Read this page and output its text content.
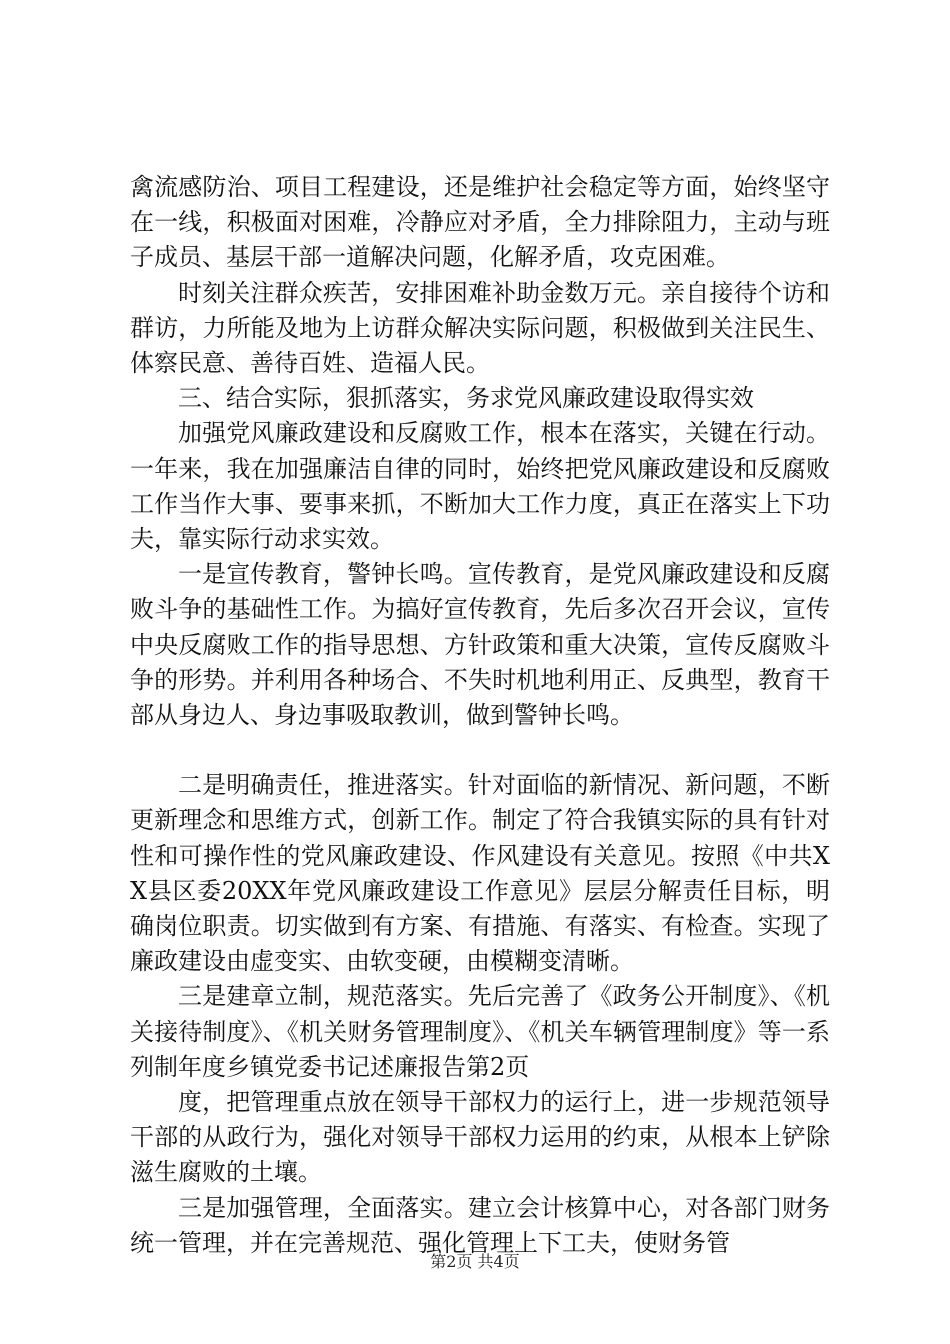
禽流感防治、项目工程建设，还是维护社会稳定等方面，始终坚守在一线，积极面对困难，冷静应对矛盾，全力排除阻力，主动与班子成员、基层干部一道解决问题，化解矛盾，攻克困难。

时刻关注群众疾苦，安排困难补助金数万元。亲自接待个访和群访，力所能及地为上访群众解决实际问题，积极做到关注民生、体察民意、善待百姓、造福人民。

三、结合实际，狠抓落实，务求党风廉政建设取得实效

加强党风廉政建设和反腐败工作，根本在落实，关键在行动。一年来，我在加强廉洁自律的同时，始终把党风廉政建设和反腐败工作当作大事、要事来抓，不断加大工作力度，真正在落实上下功夫，靠实际行动求实效。

一是宣传教育，警钟长鸣。宣传教育，是党风廉政建设和反腐败斗争的基础性工作。为搞好宣传教育，先后多次召开会议，宣传中央反腐败工作的指导思想、方针政策和重大决策，宣传反腐败斗争的形势。并利用各种场合、不失时机地利用正、反典型，教育干部从身边人、身边事吸取教训，做到警钟长鸣。

二是明确责任，推进落实。针对面临的新情况、新问题，不断更新理念和思维方式，创新工作。制定了符合我镇实际的具有针对性和可操作性的党风廉政建设、作风建设有关意见。按照《中共XX县区委20XX年党风廉政建设工作意见》层层分解责任目标，明确岗位职责。切实做到有方案、有措施、有落实、有检查。实现了廉政建设由虚变实、由软变硬，由模糊变清晰。

三是建章立制，规范落实。先后完善了《政务公开制度》、《机关接待制度》、《机关财务管理制度》、《机关车辆管理制度》等一系列制年度乡镇党委书记述廉报告第2页

度，把管理重点放在领导干部权力的运行上，进一步规范领导干部的从政行为，强化对领导干部权力运用的约束，从根本上铲除滋生腐败的土壤。

三是加强管理，全面落实。建立会计核算中心，对各部门财务统一管理，并在完善规范、强化管理上下工夫，使财务管

第2页 共4页
